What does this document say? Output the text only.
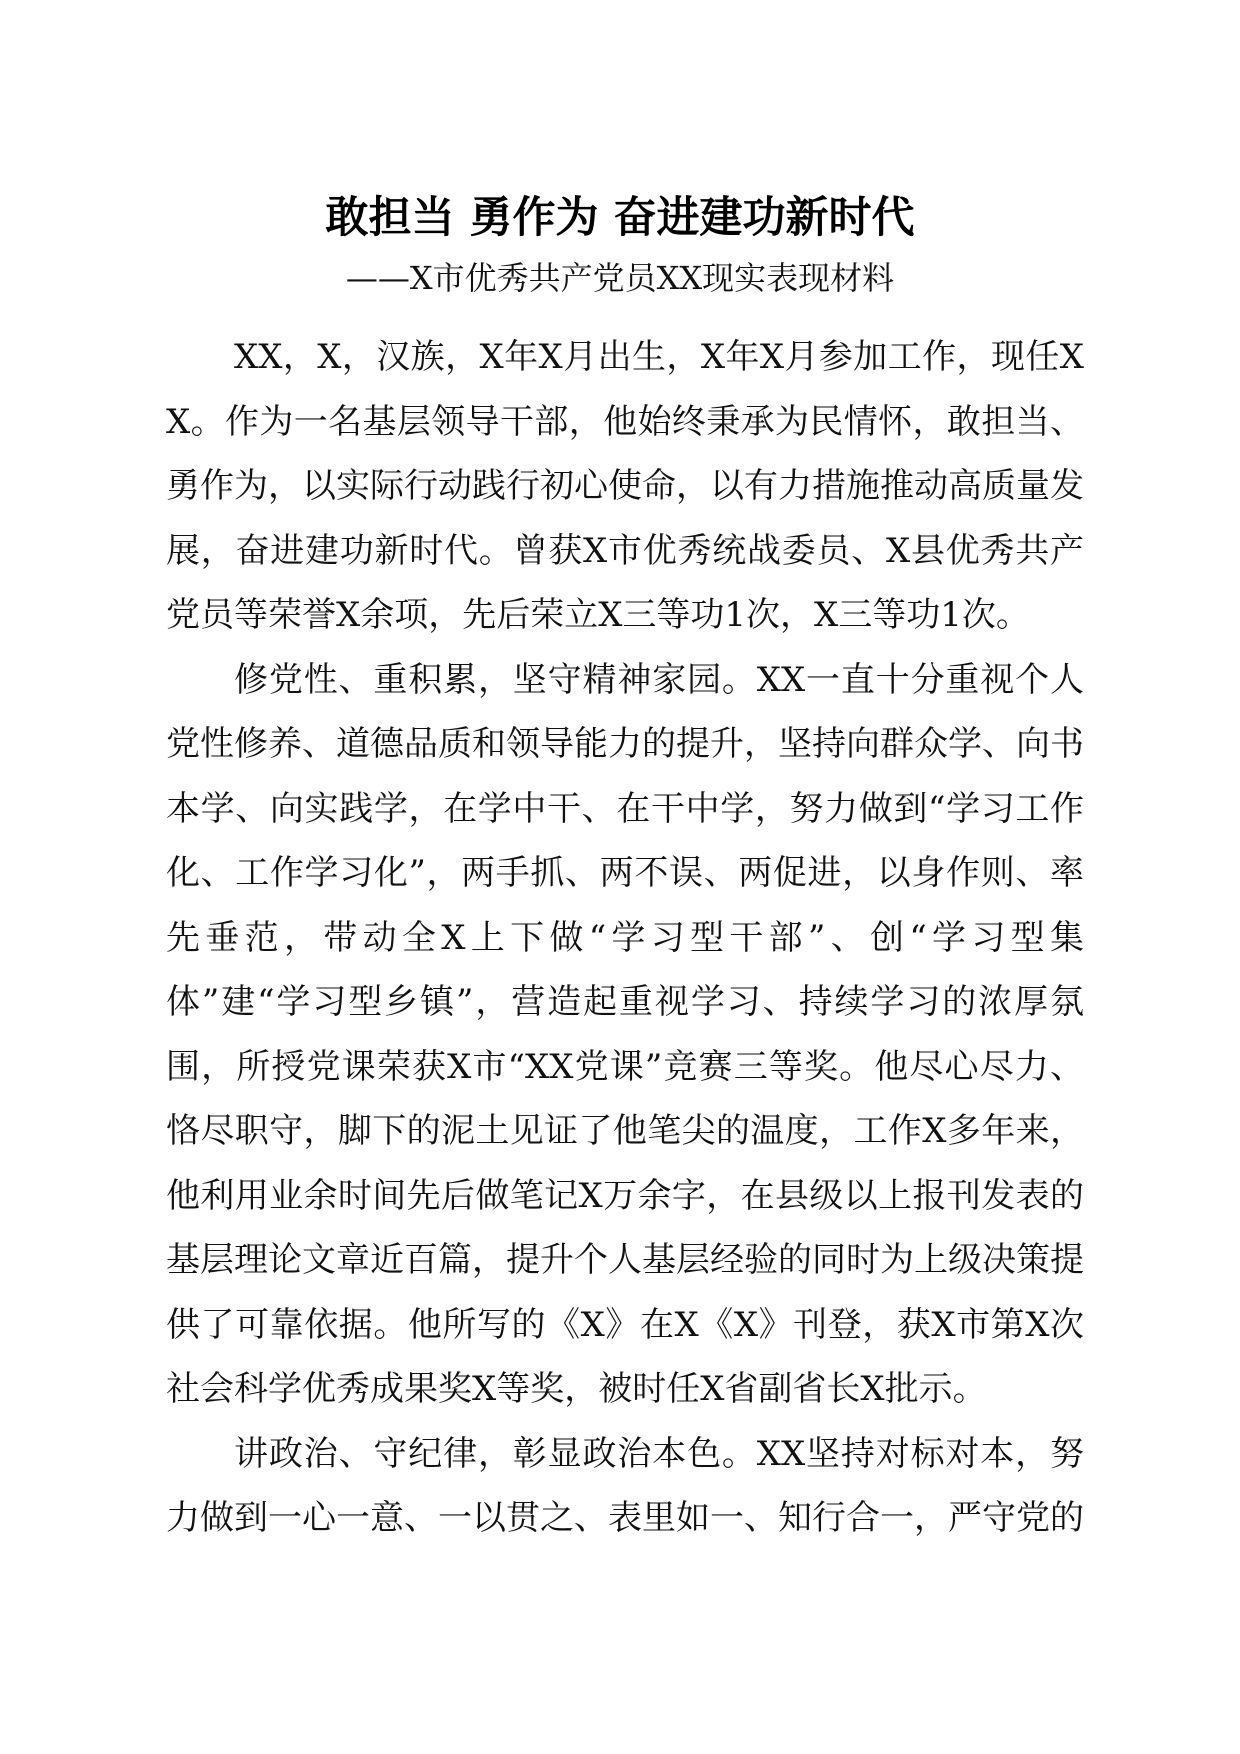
敢担当 勇作为 奋进建功新时代
——X市优秀共产党员XX现实表现材料

XX，X，汉族，X年X月出生，X年X月参加工作，现任XX。作为一名基层领导干部，他始终秉承为民情怀，敢担当、勇作为，以实际行动践行初心使命，以有力措施推动高质量发展，奋进建功新时代。曾获X市优秀统战委员、X县优秀共产党员等荣誉X余项，先后荣立X三等功1次，X三等功1次。

修党性、重积累，坚守精神家园。XX一直十分重视个人党性修养、道德品质和领导能力的提升，坚持向群众学、向书本学、向实践学，在学中干、在干中学，努力做到“学习工作化、工作学习化”，两手抓、两不误、两促进，以身作则、率先垂范，带动全X上下做“学习型干部”、创“学习型集体”建“学习型乡镇”，营造起重视学习、持续学习的浓厚氛围，所授党课荣获X市“XX党课”竞赛三等奖。他尽心尽力、恪尽职守，脚下的泥土见证了他笔尖的温度，工作X多年来，他利用业余时间先后做笔记X万余字，在县级以上报刊发表的基层理论文章近百篇，提升个人基层经验的同时为上级决策提供了可靠依据。他所写的《X》在X《X》刊登，获X市第X次社会科学优秀成果奖X等奖，被时任X省副省长X批示。

讲政治、守纪律，彰显政治本色。XX坚持对标对本，努力做到一心一意、一以贯之、表里如一、知行合一，严守党的
